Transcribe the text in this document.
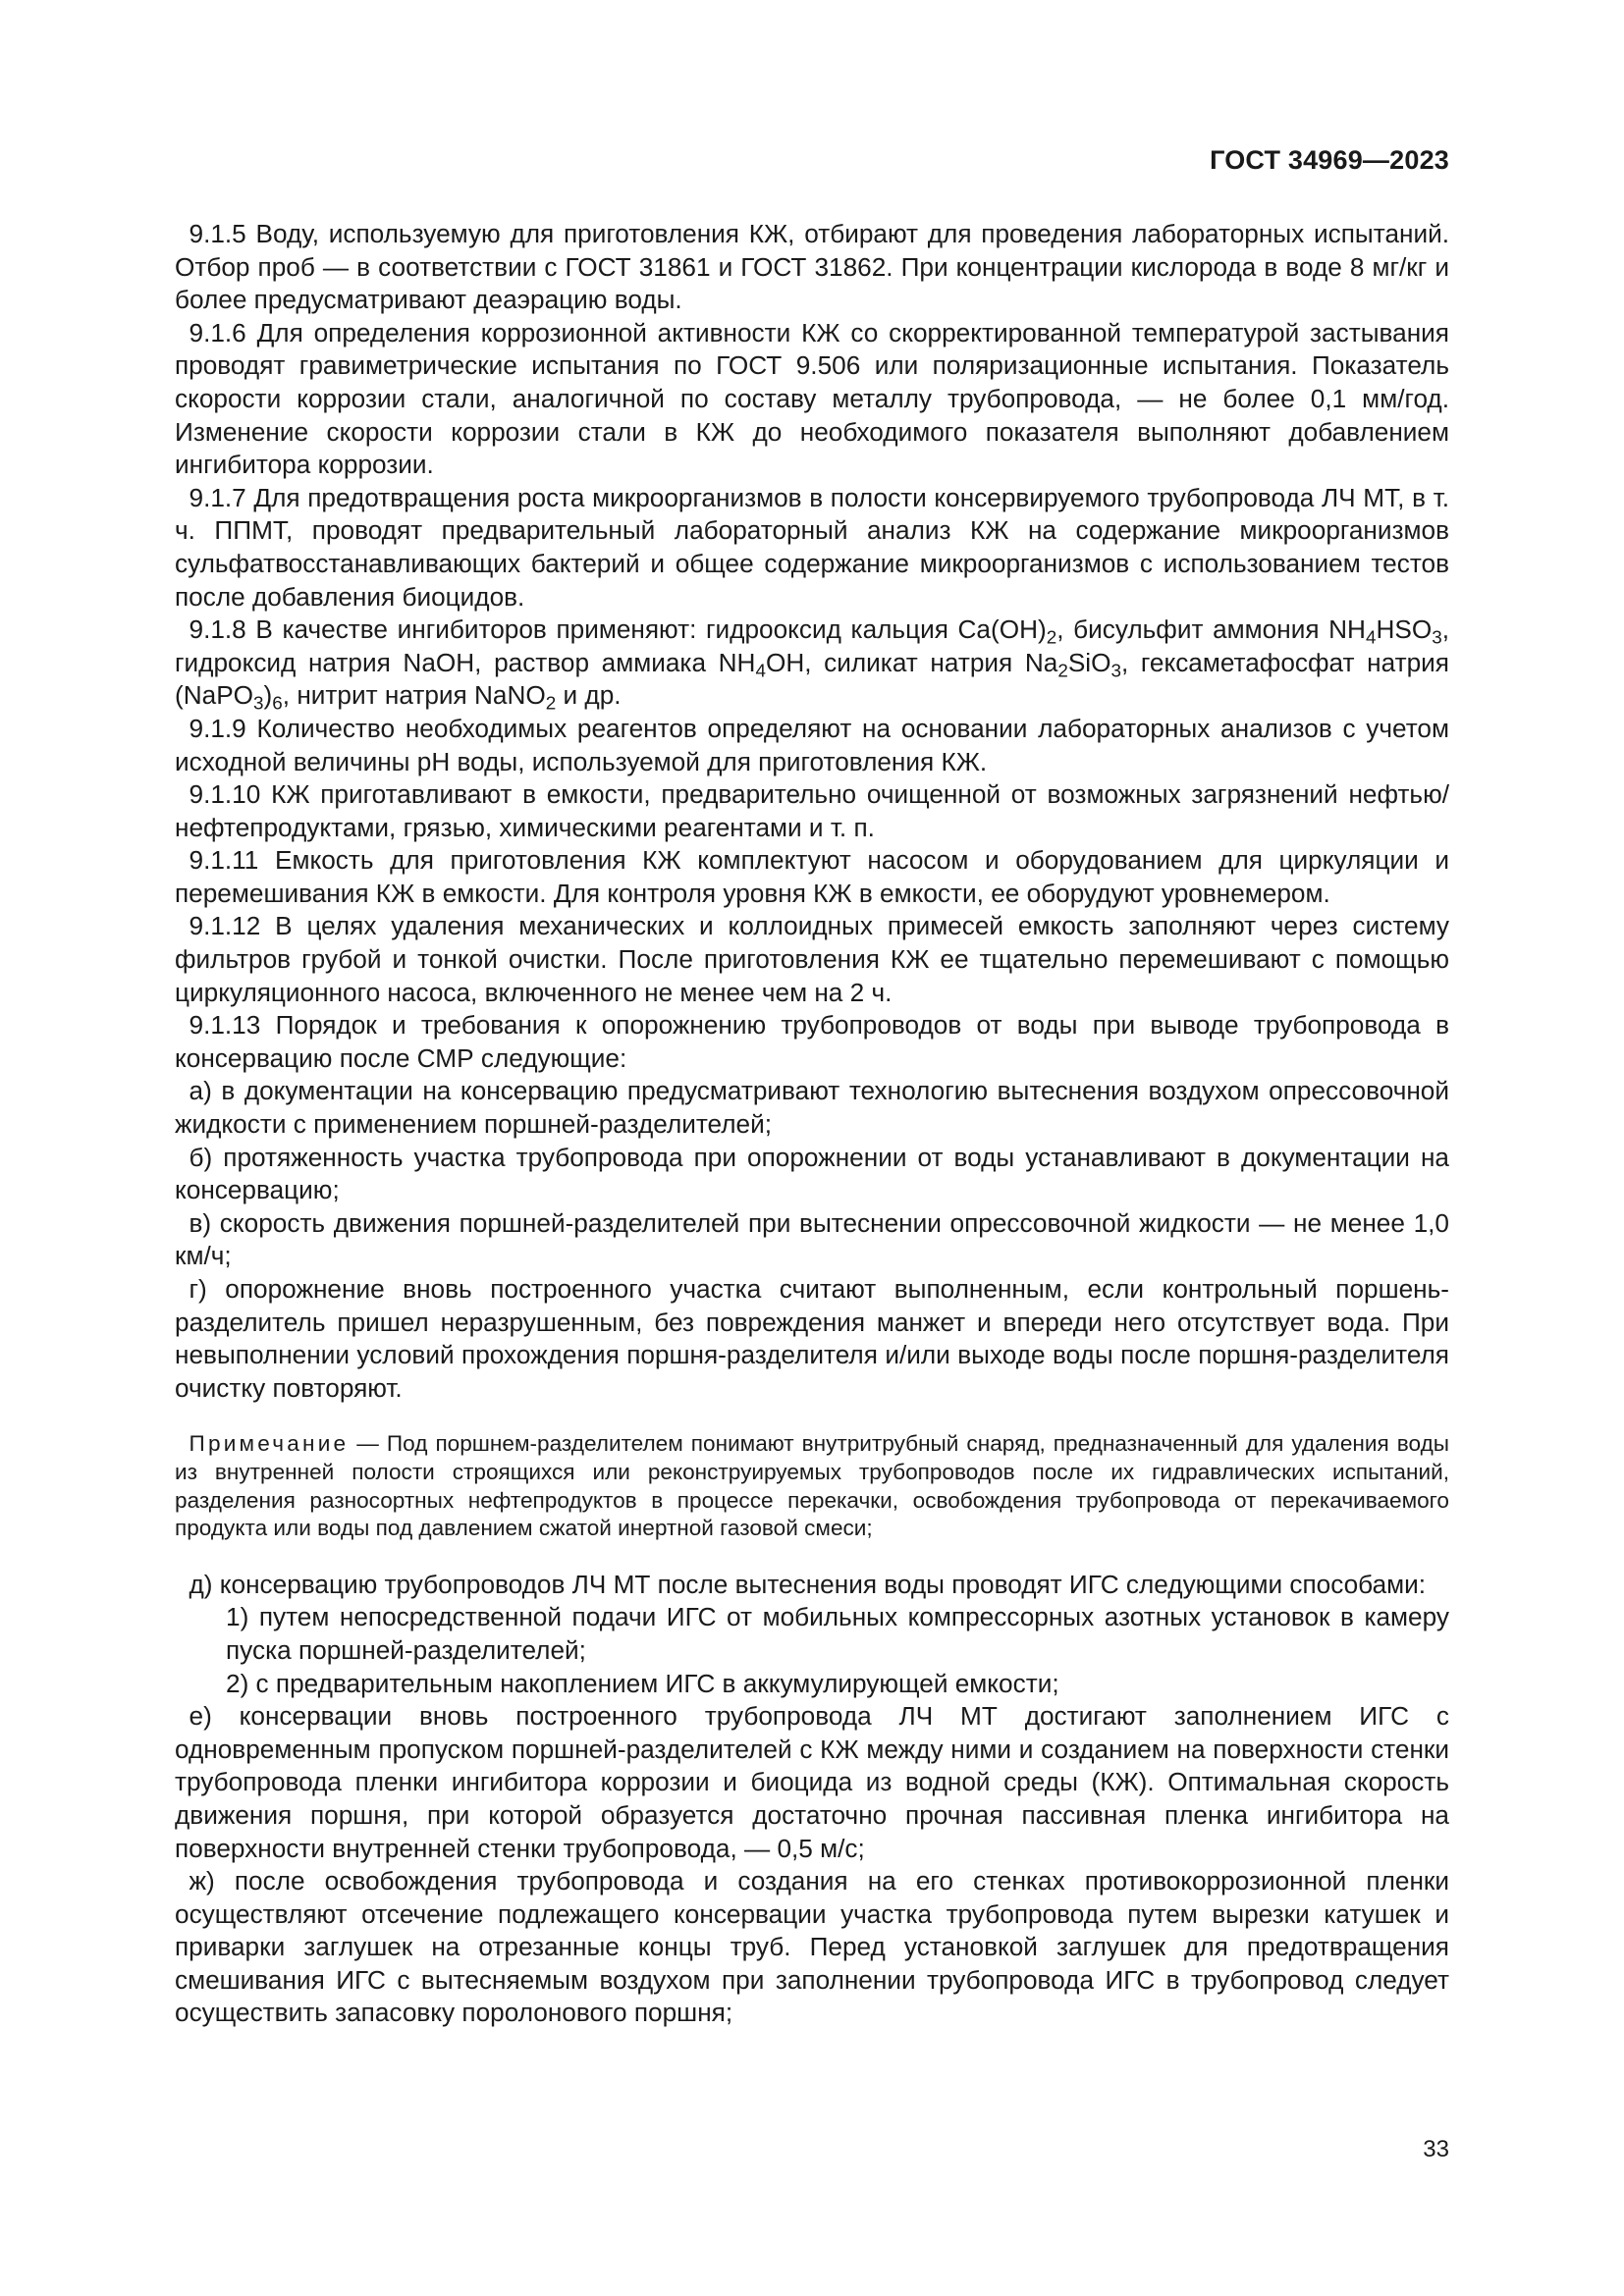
ГОСТ 34969—2023

9.1.5 Воду, используемую для приготовления КЖ, отбирают для проведения лабораторных испытаний. Отбор проб — в соответствии с ГОСТ 31861 и ГОСТ 31862. При концентрации кислорода в воде 8 мг/кг и более предусматривают деаэрацию воды.

9.1.6 Для определения коррозионной активности КЖ со скорректированной температурой застывания проводят гравиметрические испытания по ГОСТ 9.506 или поляризационные испытания. Показатель скорости коррозии стали, аналогичной по составу металлу трубопровода, — не более 0,1 мм/год. Изменение скорости коррозии стали в КЖ до необходимого показателя выполняют добавлением ингибитора коррозии.

9.1.7 Для предотвращения роста микроорганизмов в полости консервируемого трубопровода ЛЧ МТ, в т. ч. ППМТ, проводят предварительный лабораторный анализ КЖ на содержание микроорганизмов сульфатвосстанавливающих бактерий и общее содержание микроорганизмов с использованием тестов после добавления биоцидов.

9.1.8 В качестве ингибиторов применяют: гидрооксид кальция $Ca(OH)_2$, бисульфит аммония $NH_4HSO_3$, гидроксид натрия NaOH, раствор аммиака $NH_4OH$, силикат натрия $Na_2SiO_3$, гексаметафосфат натрия $(NaPO_3)_6$, нитрит натрия NaNO$_2$ и др.

9.1.9 Количество необходимых реагентов определяют на основании лабораторных анализов с учетом исходной величины pH воды, используемой для приготовления КЖ.

9.1.10 КЖ приготавливают в емкости, предварительно очищенной от возможных загрязнений нефтью/нефтепродуктами, грязью, химическими реагентами и т. п.

9.1.11 Емкость для приготовления КЖ комплектуют насосом и оборудованием для циркуляции и перемешивания КЖ в емкости. Для контроля уровня КЖ в емкости, ее оборудуют уровнемером.

9.1.12 В целях удаления механических и коллоидных примесей емкость заполняют через систему фильтров грубой и тонкой очистки. После приготовления КЖ ее тщательно перемешивают с помощью циркуляционного насоса, включенного не менее чем на 2 ч.

9.1.13 Порядок и требования к опорожнению трубопроводов от воды при выводе трубопровода в консервацию после СМР следующие:

а) в документации на консервацию предусматривают технологию вытеснения воздухом опрессовочной жидкости с применением поршней-разделителей;

б) протяженность участка трубопровода при опорожнении от воды устанавливают в документации на консервацию;

в) скорость движения поршней-разделителей при вытеснении опрессовочной жидкости — не менее 1,0 км/ч;

г) опорожнение вновь построенного участка считают выполненным, если контрольный поршень-разделитель пришел неразрушенным, без повреждения манжет и впереди него отсутствует вода. При невыполнении условий прохождения поршня-разделителя и/или выходе воды после поршня-разделителя очистку повторяют.

Примечание — Под поршнем-разделителем понимают внутритрубный снаряд, предназначенный для удаления воды из внутренней полости строящихся или реконструируемых трубопроводов после их гидравлических испытаний, разделения разносортных нефтепродуктов в процессе перекачки, освобождения трубопровода от перекачиваемого продукта или воды под давлением сжатой инертной газовой смеси;

д) консервацию трубопроводов ЛЧ МТ после вытеснения воды проводят ИГС следующими способами:

1) путем непосредственной подачи ИГС от мобильных компрессорных азотных установок в камеру пуска поршней-разделителей;

2) с предварительным накоплением ИГС в аккумулирующей емкости;

е) консервации вновь построенного трубопровода ЛЧ МТ достигают заполнением ИГС с одновременным пропуском поршней-разделителей с КЖ между ними и созданием на поверхности стенки трубопровода пленки ингибитора коррозии и биоцида из водной среды (КЖ). Оптимальная скорость движения поршня, при которой образуется достаточно прочная пассивная пленка ингибитора на поверхности внутренней стенки трубопровода, — 0,5 м/с;

ж) после освобождения трубопровода и создания на его стенках противокоррозионной пленки осуществляют отсечение подлежащего консервации участка трубопровода путем вырезки катушек и приварки заглушек на отрезанные концы труб. Перед установкой заглушек для предотвращения смешивания ИГС с вытесняемым воздухом при заполнении трубопровода ИГС в трубопровод следует осуществить запасовку поролонового поршня;

33
